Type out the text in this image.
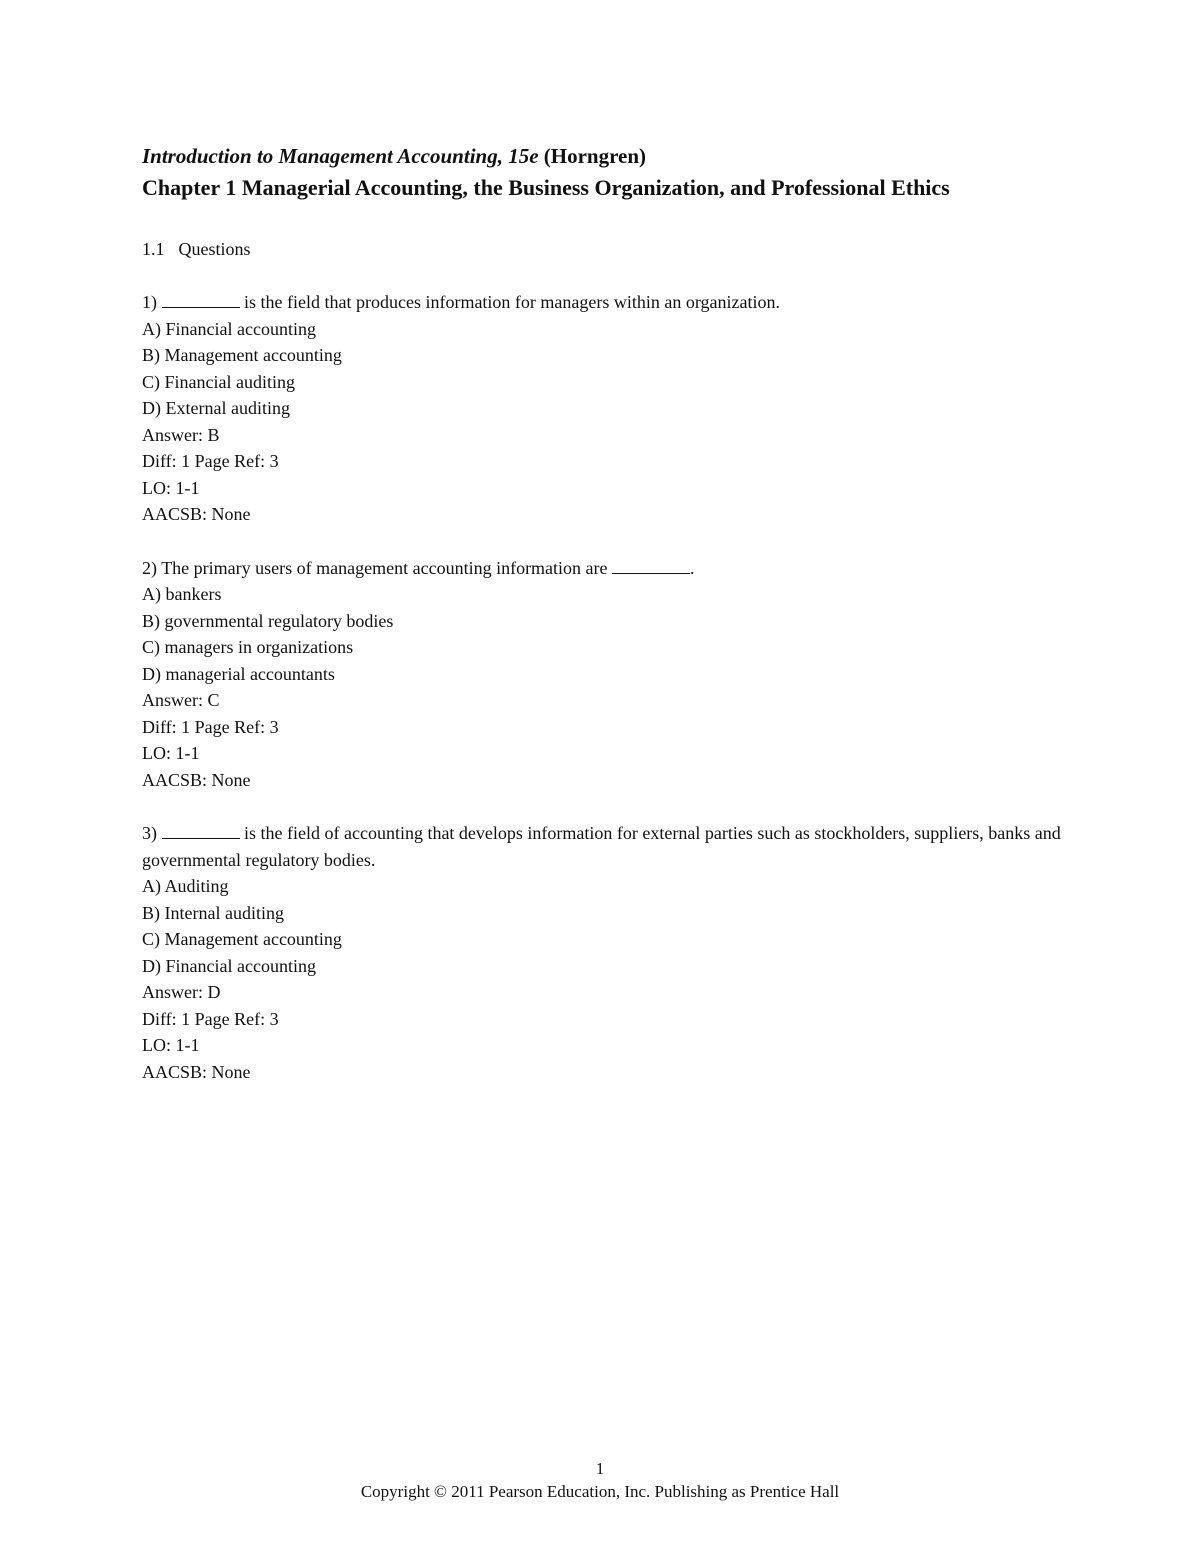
Introduction to Management Accounting, 15e (Horngren)
Chapter 1 Managerial Accounting, the Business Organization, and Professional Ethics
1.1 Questions
1)	is the field that produces information for managers within an organization.
A) Financial accounting
B) Management accounting
C) Financial auditing
D) External auditing
Answer: B
Diff: 1 Page Ref: 3
LO: 1-1
AACSB: None
2) The primary users of management accounting information are	.
A) bankers
B) governmental regulatory bodies
C) managers in organizations
D) managerial accountants
Answer: C
Diff: 1 Page Ref: 3
LO: 1-1
AACSB: None
3)	is the field of accounting that develops information for external parties such as stockholders, suppliers, banks and governmental regulatory bodies.
A) Auditing
B) Internal auditing
C) Management accounting
D) Financial accounting
Answer: D
Diff: 1 Page Ref: 3
LO: 1-1
AACSB: None
1
Copyright © 2011 Pearson Education, Inc. Publishing as Prentice Hall
